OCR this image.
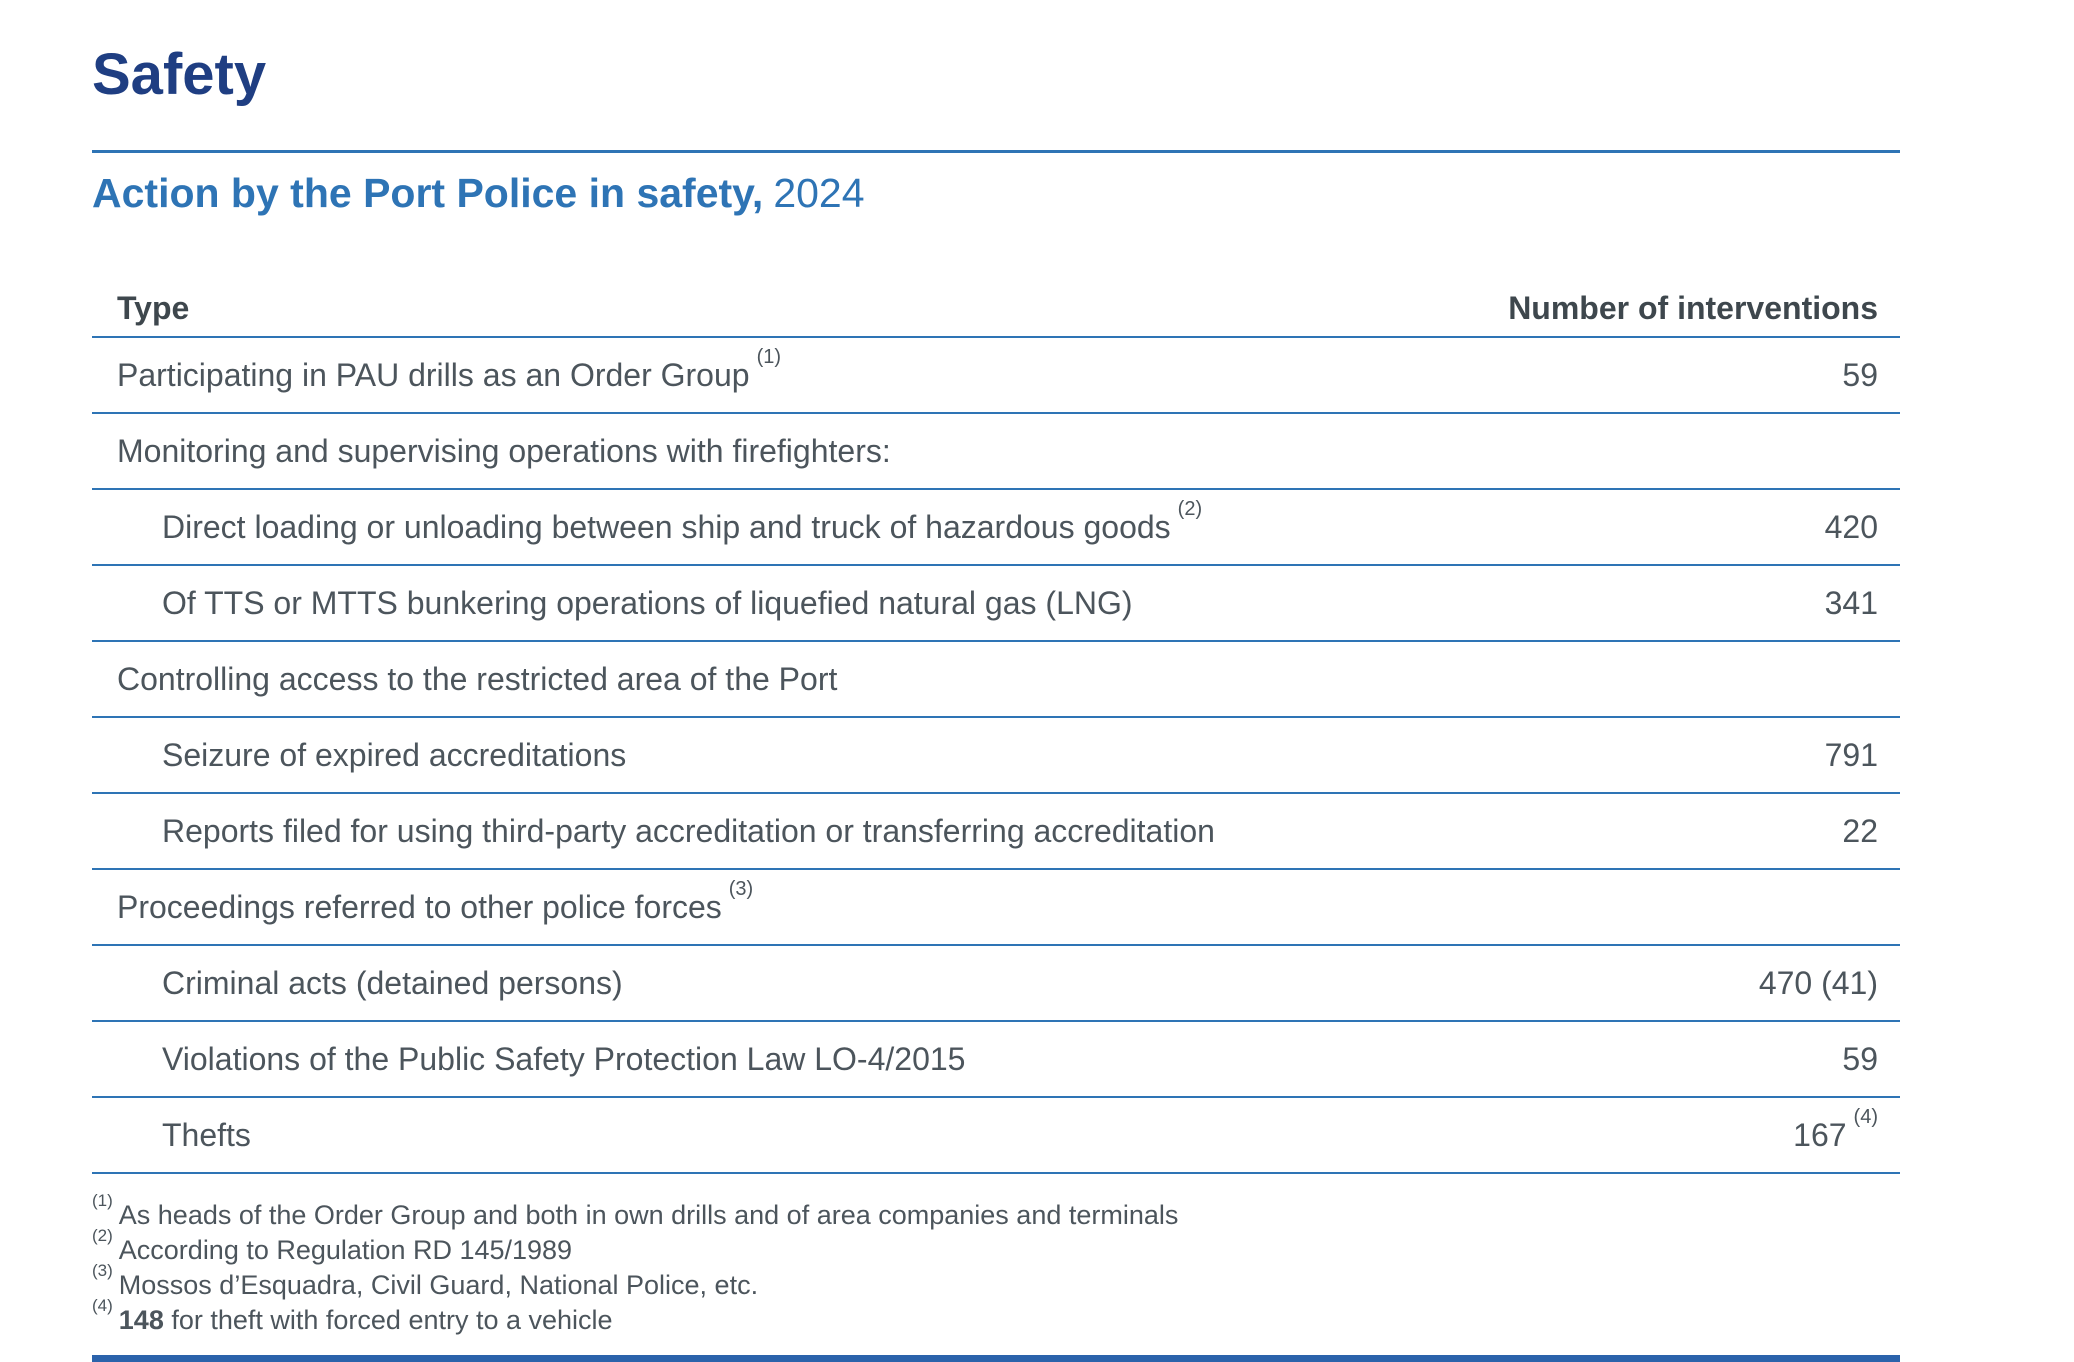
Safety
Action by the Port Police in safety, 2024
Type	Number of interventions
Participating in PAU drills as an Order Group $^{(1)}$	59
Monitoring and supervising operations with firefighters:
Direct loading or unloading between ship and truck of hazardous goods $^{(2)}$	420
Of TTS or MTTS bunkering operations of liquefied natural gas (LNG)	341
Controlling access to the restricted area of the Port
Seizure of expired accreditations	791
Reports filed for using third-party accreditation or transferring accreditation	22
Proceedings referred to other police forces $^{(3)}$
Criminal acts (detained persons)	470 (41)
Violations of the Public Safety Protection Law LO-4/2015	59
Thefts	167 $^{(4)}$
$^{(1)}$ As heads of the Order Group and both in own drills and of area companies and terminals
$^{(2)}$ According to Regulation RD 145/1989
$^{(3)}$ Mossos d’Esquadra, Civil Guard, National Police, etc.
$^{(4)}$ 148 for theft with forced entry to a vehicle
